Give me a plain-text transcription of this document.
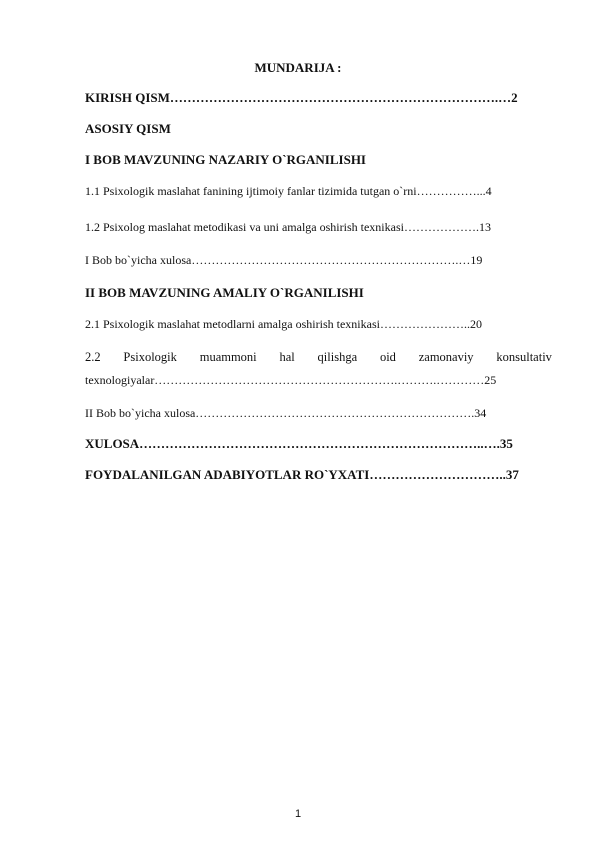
MUNDARIJA :
KIRISH QISM………………………………………………………………….…2
ASOSIY QISM
I BOB MAVZUNING NAZARIY O`RGANILISHI
1.1 Psixologik maslahat fanining ijtimoiy fanlar tizimida tutgan o`rni……………...4
1.2 Psixolog maslahat metodikasi va uni amalga oshirish texnikasi……………….13
I Bob bo`yicha xulosa………………………………………………………….…19
II BOB MAVZUNING AMALIY O`RGANILISHI
2.1 Psixologik maslahat metodlarni amalga oshirish texnikasi…………………..20
2.2 Psixologik muammoni hal qilishga oid zamonaviy konsultativ
texnologiyalar…………………………………………………….……….…………25
II Bob bo`yicha xulosa…………………………………………………………….34
XULOSA……………………………………………………………………..….35
FOYDALANILGAN ADABIYOTLAR RO`YXATI…………………………..37
1
